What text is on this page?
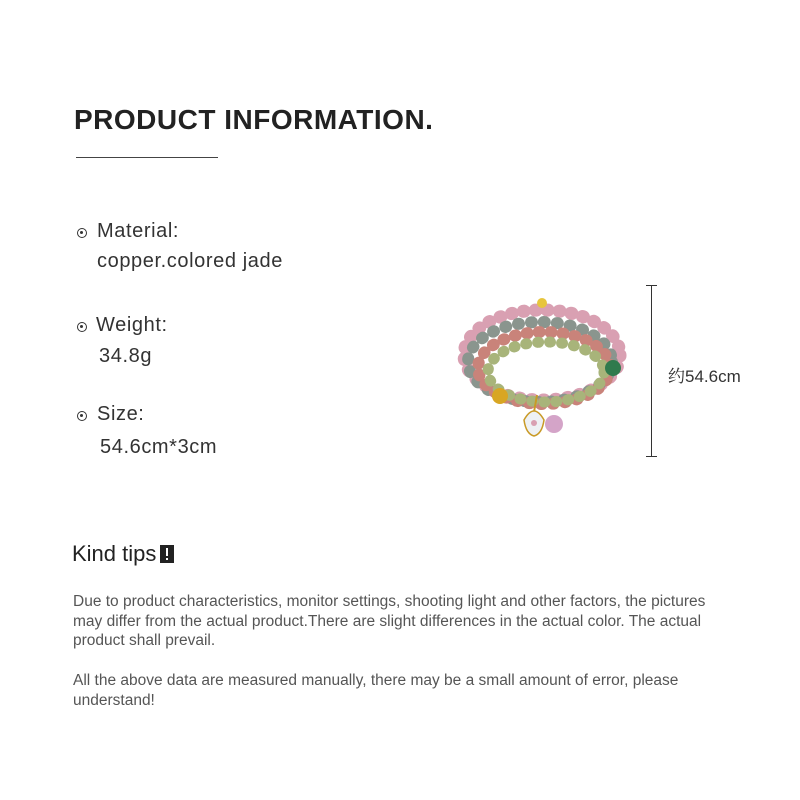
PRODUCT INFORMATION.
Material:
copper.colored jade
Weight:
34.8g
Size:
54.6cm*3cm
约54.6cm
Kind tips

Due to product characteristics, monitor settings, shooting light and other factors, the pictures may differ from the actual product.There are slight differences in the actual color. The actual product shall prevail.

All the above data are measured manually, there may be a small amount of error, please understand!
